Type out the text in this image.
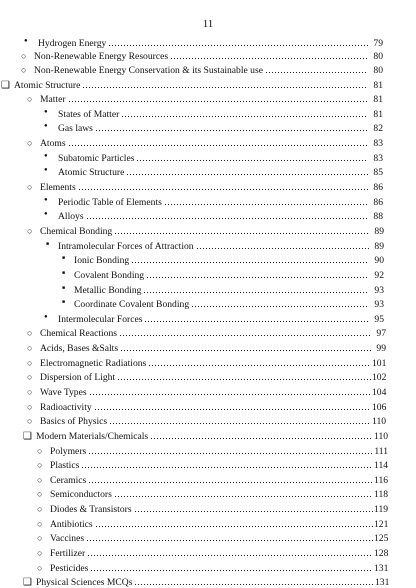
11
● Hydrogen Energy	79
○ Non-Renewable Energy Resources	80
○ Non-Renewable Energy Conservation & its Sustainable use	80
❑ Atomic Structure	81
○ Matter	81
● States of Matter	81
● Gas laws	82
○ Atoms	83
● Subatomic Particles	83
● Atomic Structure	85
○ Elements	86
● Periodic Table of Elements	86
● Alloys	88
○ Chemical Bonding	89
■ Intramolecular Forces of Attraction	89
■ Ionic Bonding	90
■ Covalent Bonding	92
■ Metallic Bonding	93
■ Coordinate Covalent Bonding	93
● Intermolecular Forces	95
○ Chemical Reactions	97
○ Acids, Bases &Salts	99
○ Electromagnetic Radiations	101
○ Dispersion of Light	102
○ Wave Types	104
○ Radioactivity	106
○ Basics of Physics	110
❑ Modern Materials/Chemicals	110
○ Polymers	111
○ Plastics	114
○ Ceramics	116
○ Semiconductors	118
○ Diodes & Transistors	119
○ Antibiotics	121
○ Vaccines	125
○ Fertilizer	128
○ Pesticides	131
❑ Physical Sciences MCQs	131
